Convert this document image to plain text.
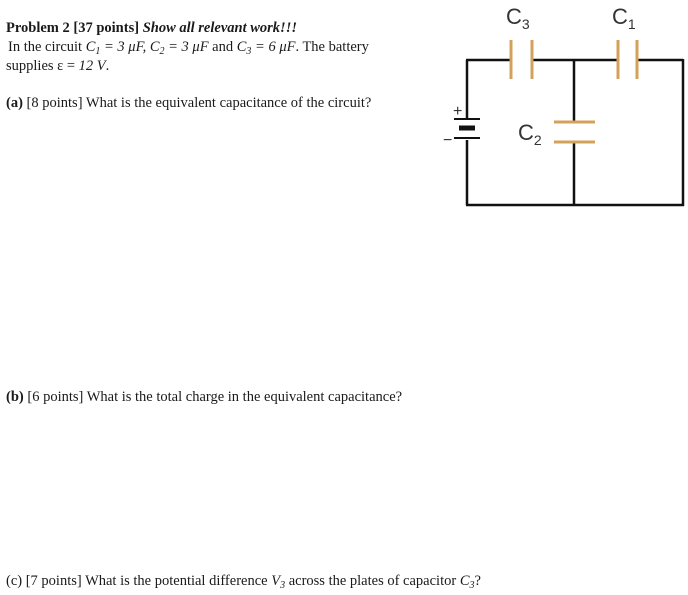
Problem 2 [37 points] Show all relevant work!!!
In the circuit $C_1 = 3$ μF, $C_2 = 3$ μF and $C_3 = 6$ μF. The battery
supplies ε = 12 V.
(a) [8 points] What is the equivalent capacitance of the circuit?
(b) [6 points] What is the total charge in the equivalent capacitance?
(c) [7 points] What is the potential difference $V_3$ across the plates of capacitor $C_3$?
+
−
$C_3$	$C_1$
$C_2$
